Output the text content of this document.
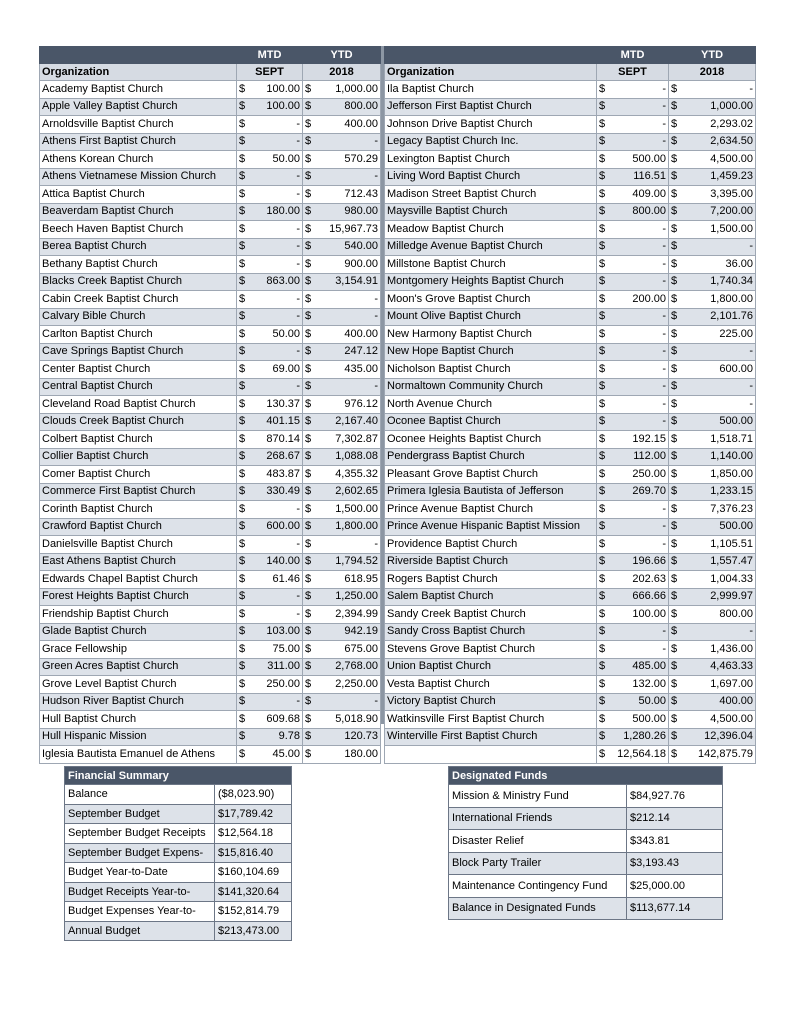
	MTD		YTD	
Organization	SEPT		2018	
Academy Baptist Church	$	100.00	$	1,000.00
Apple Valley Baptist Church	$	100.00	$	800.00
Arnoldsville Baptist Church	$	-	$	400.00
Athens First Baptist Church	$	-	$	-
Athens Korean Church	$	50.00	$	570.29
Athens Vietnamese Mission Church	$	-	$	-
Attica Baptist Church	$	-	$	712.43
Beaverdam Baptist Church	$	180.00	$	980.00
Beech Haven Baptist Church	$	-	$	15,967.73
Berea Baptist Church	$	-	$	540.00
Bethany Baptist Church	$	-	$	900.00
Blacks Creek Baptist Church	$	863.00	$	3,154.91
Cabin Creek Baptist Church	$	-	$	-
Calvary Bible Church	$	-	$	-
Carlton Baptist Church	$	50.00	$	400.00
Cave Springs Baptist Church	$	-	$	247.12
Center Baptist Church	$	69.00	$	435.00
Central Baptist Church	$	-	$	-
Cleveland Road Baptist Church	$	130.37	$	976.12
Clouds Creek Baptist Church	$	401.15	$	2,167.40
Colbert Baptist Church	$	870.14	$	7,302.87
Collier Baptist Church	$	268.67	$	1,088.08
Comer Baptist Church	$	483.87	$	4,355.32
Commerce First Baptist Church	$	330.49	$	2,602.65
Corinth Baptist Church	$	-	$	1,500.00
Crawford Baptist Church	$	600.00	$	1,800.00
Danielsville Baptist Church	$	-	$	-
East Athens Baptist Church	$	140.00	$	1,794.52
Edwards Chapel Baptist Church	$	61.46	$	618.95
Forest Heights Baptist Church	$	-	$	1,250.00
Friendship Baptist Church	$	-	$	2,394.99
Glade Baptist Church	$	103.00	$	942.19
Grace Fellowship	$	75.00	$	675.00
Green Acres Baptist Church	$	311.00	$	2,768.00
Grove Level Baptist Church	$	250.00	$	2,250.00
Hudson River Baptist Church	$	-	$	-
Hull Baptist Church	$	609.68	$	5,018.90
Hull Hispanic Mission	$	9.78	$	120.73
Iglesia Bautista Emanuel de Athens	$	45.00	$	180.00
	MTD		YTD	
Organization	SEPT		2018	
Ila Baptist Church	$	-	$	-
Jefferson First Baptist Church	$	-	$	1,000.00
Johnson Drive Baptist Church	$	-	$	2,293.02
Legacy Baptist Church Inc.	$	-	$	2,634.50
Lexington Baptist Church	$	500.00	$	4,500.00
Living Word Baptist Church	$	116.51	$	1,459.23
Madison Street Baptist Church	$	409.00	$	3,395.00
Maysville Baptist Church	$	800.00	$	7,200.00
Meadow Baptist Church	$	-	$	1,500.00
Milledge Avenue Baptist Church	$	-	$	-
Millstone Baptist Church	$	-	$	36.00
Montgomery Heights Baptist Church	$	-	$	1,740.34
Moon's Grove Baptist Church	$	200.00	$	1,800.00
Mount Olive Baptist Church	$	-	$	2,101.76
New Harmony Baptist Church	$	-	$	225.00
New Hope Baptist Church	$	-	$	-
Nicholson Baptist Church	$	-	$	600.00
Normaltown Community Church	$	-	$	-
North Avenue Church	$	-	$	-
Oconee Baptist Church	$	-	$	500.00
Oconee Heights Baptist Church	$	192.15	$	1,518.71
Pendergrass Baptist Church	$	112.00	$	1,140.00
Pleasant Grove Baptist Church	$	250.00	$	1,850.00
Primera Iglesia Bautista of Jefferson	$	269.70	$	1,233.15
Prince Avenue Baptist Church	$	-	$	7,376.23
Prince Avenue Hispanic Baptist Mission	$	-	$	500.00
Providence Baptist Church	$	-	$	1,105.51
Riverside Baptist Church	$	196.66	$	1,557.47
Rogers Baptist Church	$	202.63	$	1,004.33
Salem Baptist Church	$	666.66	$	2,999.97
Sandy Creek Baptist Church	$	100.00	$	800.00
Sandy Cross Baptist Church	$	-	$	-
Stevens Grove Baptist Church	$	-	$	1,436.00
Union Baptist Church	$	485.00	$	4,463.33
Vesta Baptist Church	$	132.00	$	1,697.00
Victory Baptist Church	$	50.00	$	400.00
Watkinsville First Baptist Church	$	500.00	$	4,500.00
Winterville First Baptist Church	$	1,280.26	$	12,396.04
	$	12,564.18	$	142,875.79
Financial Summary	
Balance	($8,023.90)
September Budget	$17,789.42
September Budget Receipts	$12,564.18
September Budget Expens-	$15,816.40
Budget Year-to-Date	$160,104.69
Budget Receipts Year-to-	$141,320.64
Budget Expenses Year-to-	$152,814.79
Annual Budget	$213,473.00
Designated Funds	
Mission & Ministry Fund	$84,927.76
International Friends	$212.14
Disaster Relief	$343.81
Block Party Trailer	$3,193.43
Maintenance Contingency Fund	$25,000.00
Balance in Designated Funds	$113,677.14
